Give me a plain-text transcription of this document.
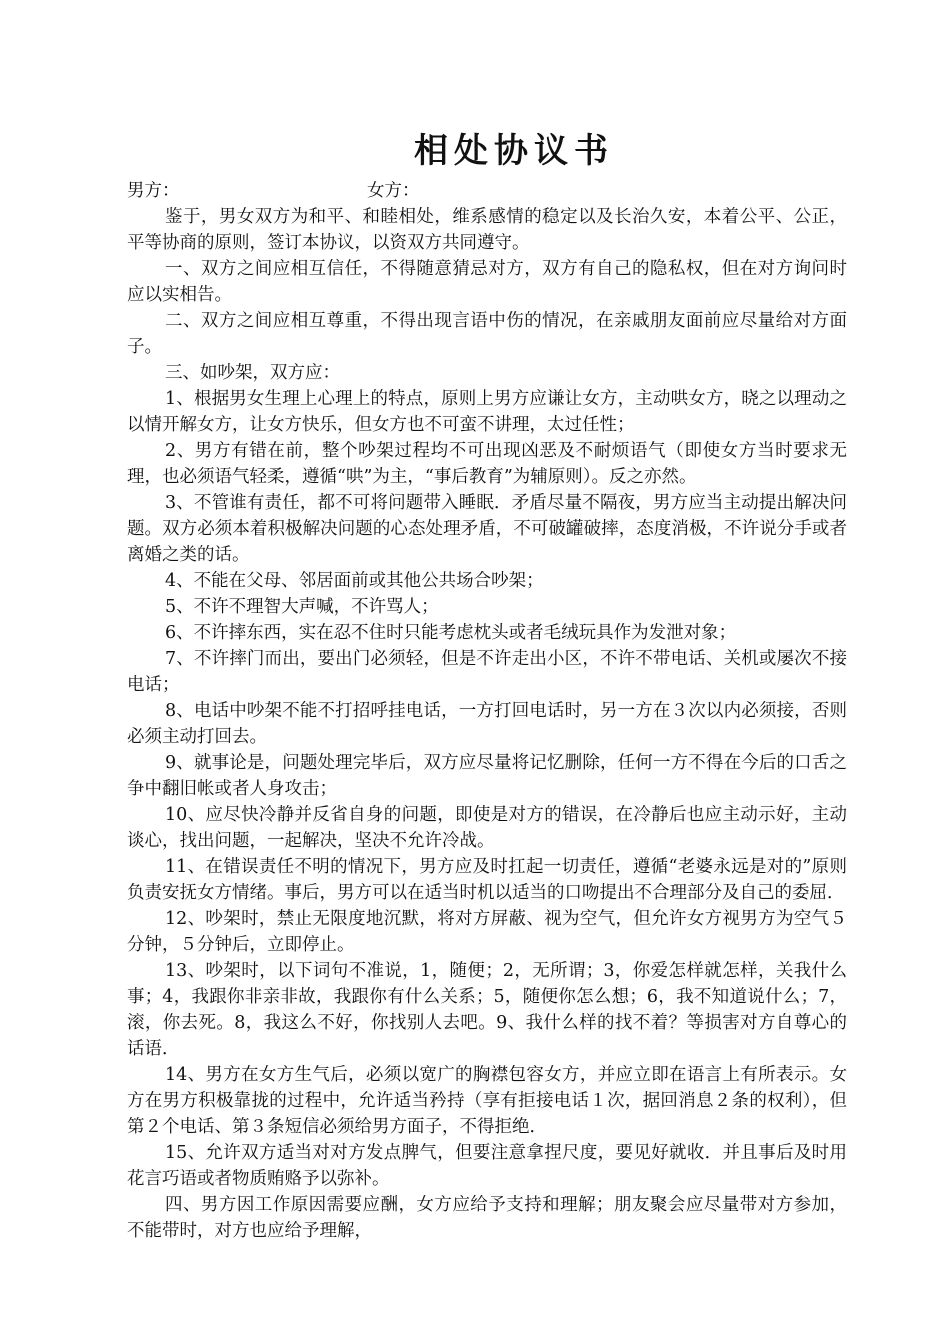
相处协议书
男方：	女方：

鉴于，男女双方为和平、和睦相处，维系感情的稳定以及长治久安，本着公平、公正，平等协商的原则，签订本协议，以资双方共同遵守。

一、双方之间应相互信任，不得随意猜忌对方，双方有自己的隐私权，但在对方询问时应以实相告。

二、双方之间应相互尊重，不得出现言语中伤的情况，在亲戚朋友面前应尽量给对方面子。

三、如吵架，双方应：

1、根据男女生理上心理上的特点，原则上男方应谦让女方，主动哄女方，晓之以理动之以情开解女方，让女方快乐，但女方也不可蛮不讲理，太过任性；

2、男方有错在前，整个吵架过程均不可出现凶恶及不耐烦语气（即使女方当时要求无理，也必须语气轻柔，遵循“哄”为主，“事后教育”为辅原则）。反之亦然。

3、不管谁有责任，都不可将问题带入睡眠．矛盾尽量不隔夜，男方应当主动提出解决问题。双方必须本着积极解决问题的心态处理矛盾，不可破罐破摔，态度消极，不许说分手或者离婚之类的话。

4、不能在父母、邻居面前或其他公共场合吵架；

5、不许不理智大声喊，不许骂人；

6、不许摔东西，实在忍不住时只能考虑枕头或者毛绒玩具作为发泄对象；

7、不许摔门而出，要出门必须轻，但是不许走出小区，不许不带电话、关机或屡次不接电话；

8、电话中吵架不能不打招呼挂电话，一方打回电话时，另一方在３次以内必须接，否则必须主动打回去。

9、就事论是，问题处理完毕后，双方应尽量将记忆删除，任何一方不得在今后的口舌之争中翻旧帐或者人身攻击；

10、应尽快冷静并反省自身的问题，即使是对方的错误，在冷静后也应主动示好，主动谈心，找出问题，一起解决，坚决不允许冷战。

11、在错误责任不明的情况下，男方应及时扛起一切责任，遵循“老婆永远是对的”原则负责安抚女方情绪。事后，男方可以在适当时机以适当的口吻提出不合理部分及自己的委屈．

12、吵架时，禁止无限度地沉默，将对方屏蔽、视为空气，但允许女方视男方为空气５分钟，５分钟后，立即停止。

13、吵架时，以下词句不准说，1，随便；2，无所谓；3，你爱怎样就怎样，关我什么事；4，我跟你非亲非故，我跟你有什么关系；5，随便你怎么想；6，我不知道说什么；7，滚，你去死。8，我这么不好，你找别人去吧。9、我什么样的找不着？等损害对方自尊心的话语．

14、男方在女方生气后，必须以宽广的胸襟包容女方，并应立即在语言上有所表示。女方在男方积极靠拢的过程中，允许适当矜持（享有拒接电话１次，据回消息２条的权利），但第２个电话、第３条短信必须给男方面子，不得拒绝．

15、允许双方适当对对方发点脾气，但要注意拿捏尺度，要见好就收．并且事后及时用花言巧语或者物质贿赂予以弥补。

四、男方因工作原因需要应酬，女方应给予支持和理解；朋友聚会应尽量带对方参加，不能带时，对方也应给予理解，
